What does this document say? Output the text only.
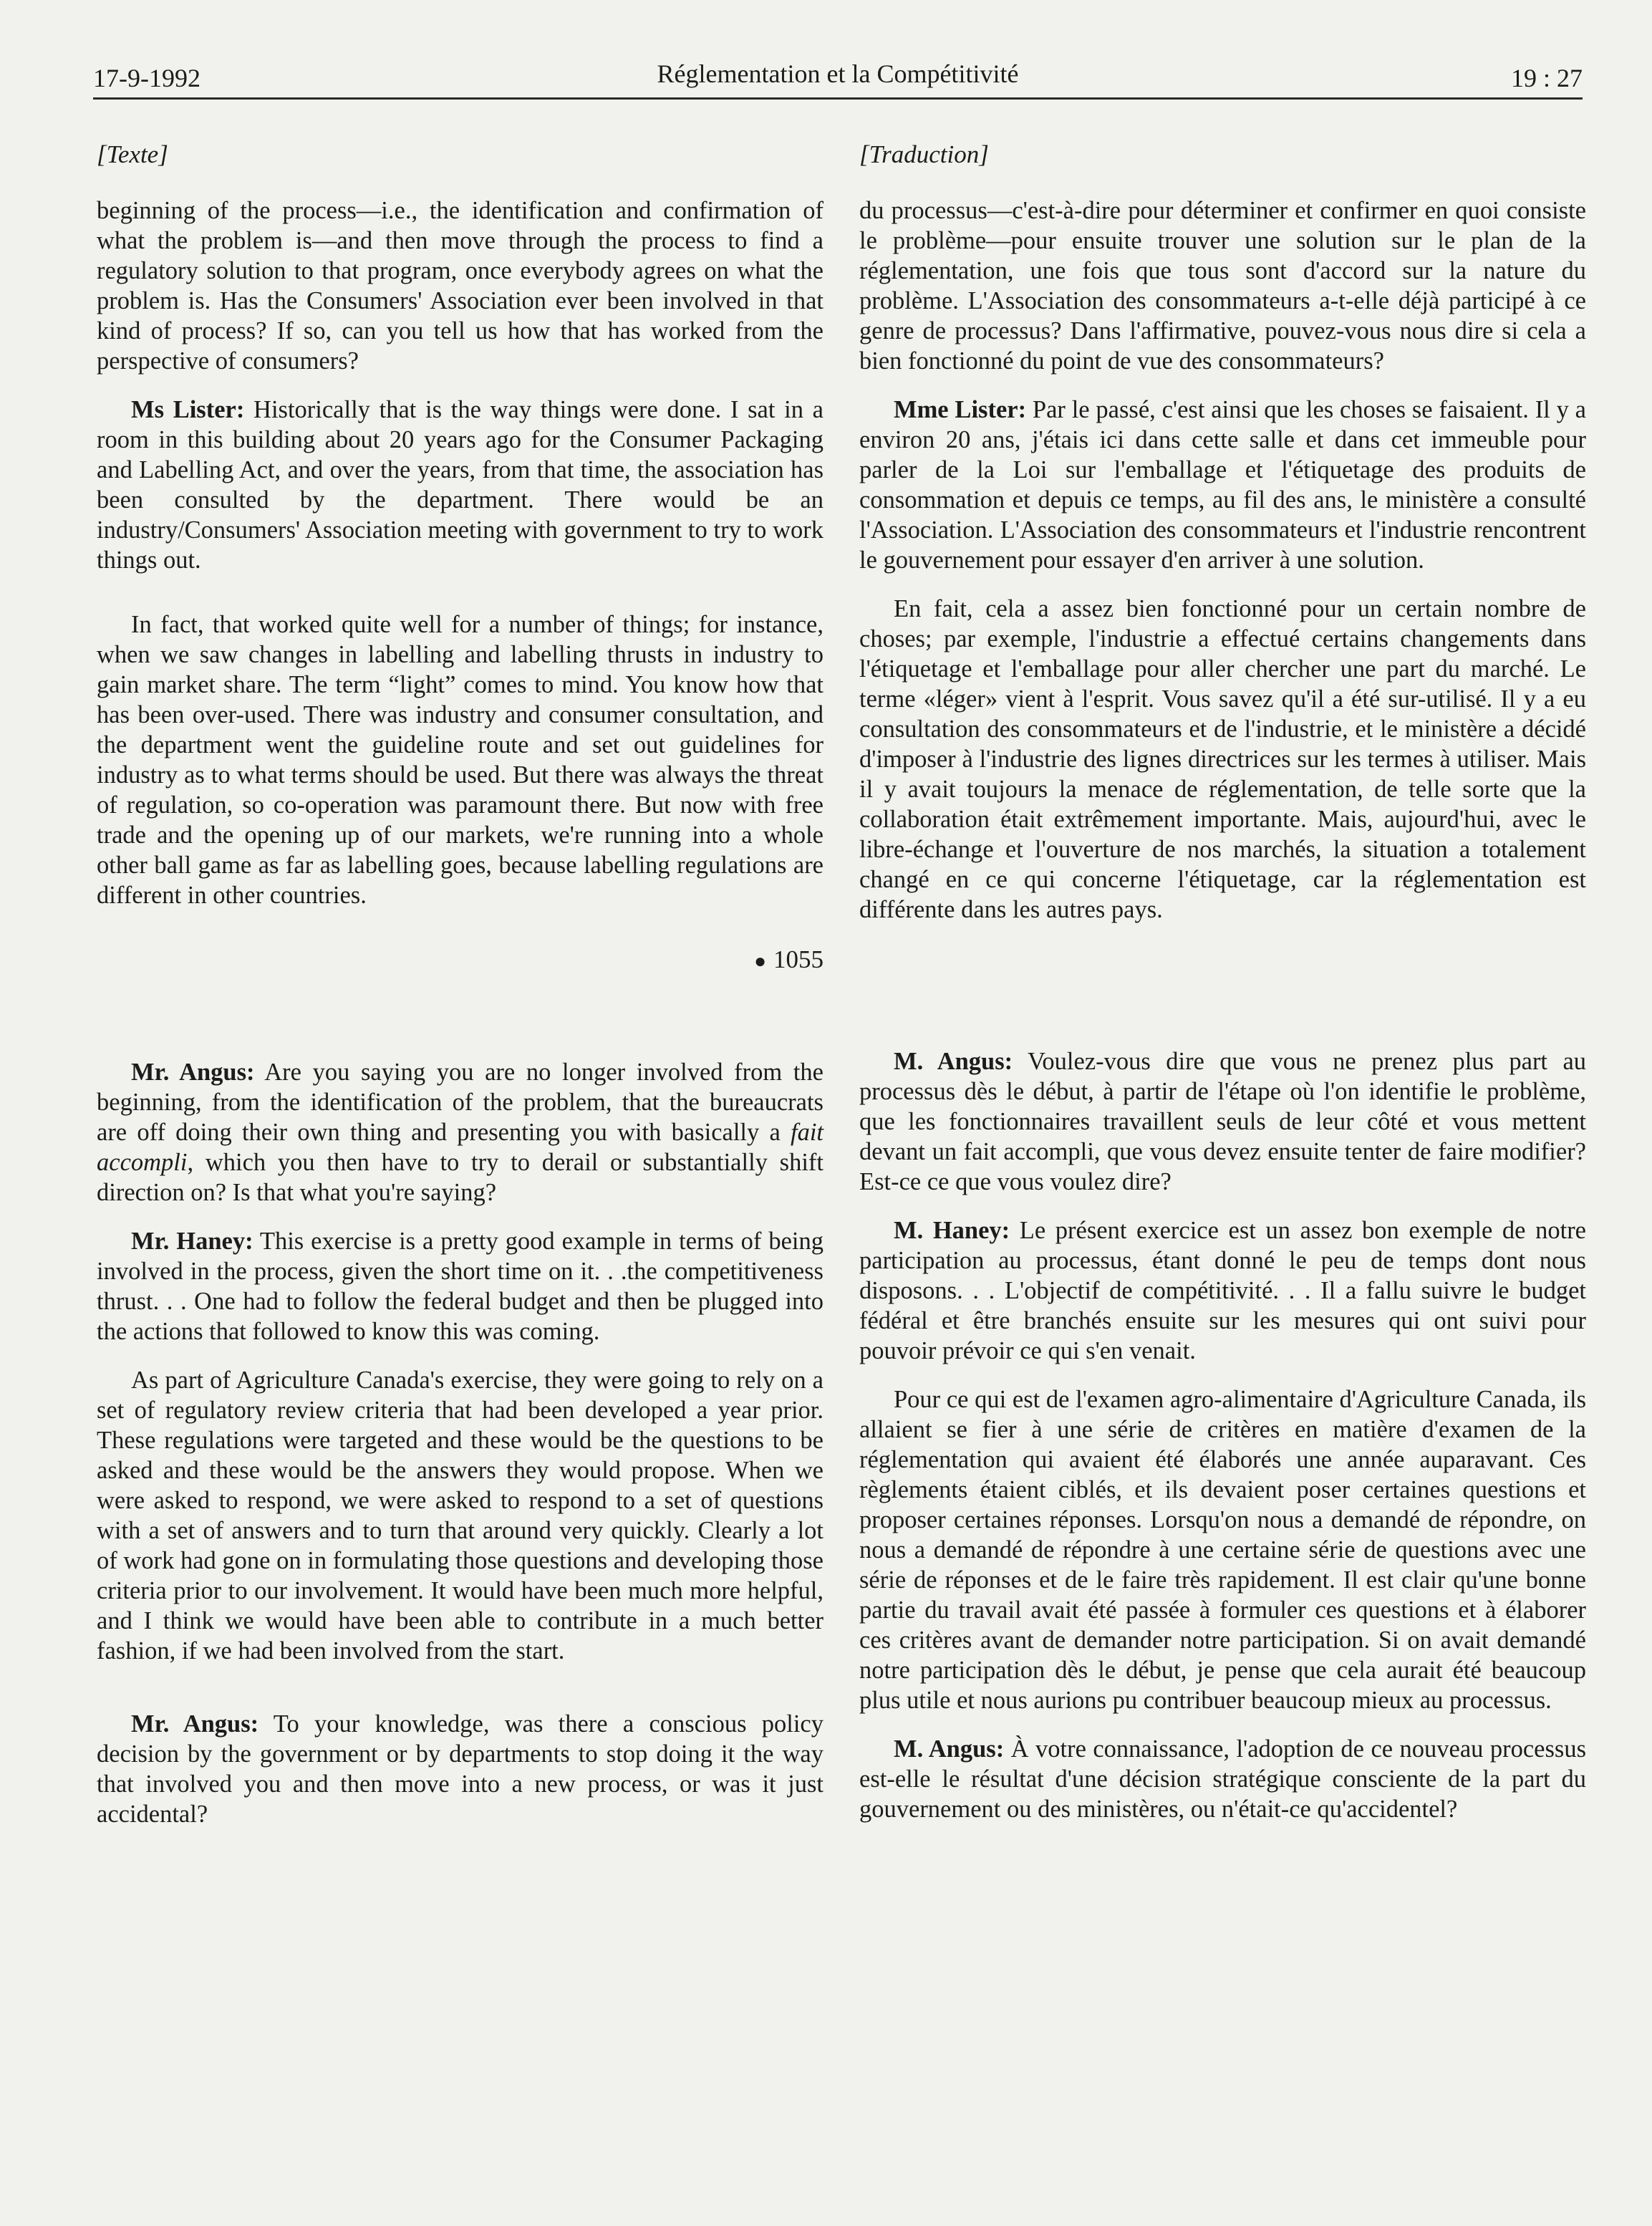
17-9-1992	Réglementation et la Compétitivité	19 : 27
[Texte]

beginning of the process—i.e., the identification and confirmation of what the problem is—and then move through the process to find a regulatory solution to that program, once everybody agrees on what the problem is. Has the Consumers' Association ever been involved in that kind of process? If so, can you tell us how that has worked from the perspective of consumers?

Ms Lister: Historically that is the way things were done. I sat in a room in this building about 20 years ago for the Consumer Packaging and Labelling Act, and over the years, from that time, the association has been consulted by the department. There would be an industry/Consumers' Association meeting with government to try to work things out.

In fact, that worked quite well for a number of things; for instance, when we saw changes in labelling and labelling thrusts in industry to gain market share. The term “light” comes to mind. You know how that has been over-used. There was industry and consumer consultation, and the department went the guideline route and set out guidelines for industry as to what terms should be used. But there was always the threat of regulation, so co-operation was paramount there. But now with free trade and the opening up of our markets, we're running into a whole other ball game as far as labelling goes, because labelling regulations are different in other countries.

● 1055

Mr. Angus: Are you saying you are no longer involved from the beginning, from the identification of the problem, that the bureaucrats are off doing their own thing and presenting you with basically a fait accompli, which you then have to try to derail or substantially shift direction on? Is that what you're saying?

Mr. Haney: This exercise is a pretty good example in terms of being involved in the process, given the short time on it. . .the competitiveness thrust. . . One had to follow the federal budget and then be plugged into the actions that followed to know this was coming.

As part of Agriculture Canada's exercise, they were going to rely on a set of regulatory review criteria that had been developed a year prior. These regulations were targeted and these would be the questions to be asked and these would be the answers they would propose. When we were asked to respond, we were asked to respond to a set of questions with a set of answers and to turn that around very quickly. Clearly a lot of work had gone on in formulating those questions and developing those criteria prior to our involvement. It would have been much more helpful, and I think we would have been able to contribute in a much better fashion, if we had been involved from the start.

Mr. Angus: To your knowledge, was there a conscious policy decision by the government or by departments to stop doing it the way that involved you and then move into a new process, or was it just accidental?

[Traduction]

du processus—c'est-à-dire pour déterminer et confirmer en quoi consiste le problème—pour ensuite trouver une solution sur le plan de la réglementation, une fois que tous sont d'accord sur la nature du problème. L'Association des consommateurs a-t-elle déjà participé à ce genre de processus? Dans l'affirmative, pouvez-vous nous dire si cela a bien fonctionné du point de vue des consommateurs?

Mme Lister: Par le passé, c'est ainsi que les choses se faisaient. Il y a environ 20 ans, j'étais ici dans cette salle et dans cet immeuble pour parler de la Loi sur l'emballage et l'étiquetage des produits de consommation et depuis ce temps, au fil des ans, le ministère a consulté l'Association. L'Association des consommateurs et l'industrie rencontrent le gouvernement pour essayer d'en arriver à une solution.

En fait, cela a assez bien fonctionné pour un certain nombre de choses; par exemple, l'industrie a effectué certains changements dans l'étiquetage et l'emballage pour aller chercher une part du marché. Le terme «léger» vient à l'esprit. Vous savez qu'il a été sur-utilisé. Il y a eu consultation des consommateurs et de l'industrie, et le ministère a décidé d'imposer à l'industrie des lignes directrices sur les termes à utiliser. Mais il y avait toujours la menace de réglementation, de telle sorte que la collaboration était extrêmement importante. Mais, aujourd'hui, avec le libre-échange et l'ouverture de nos marchés, la situation a totalement changé en ce qui concerne l'étiquetage, car la réglementation est différente dans les autres pays.

M. Angus: Voulez-vous dire que vous ne prenez plus part au processus dès le début, à partir de l'étape où l'on identifie le problème, que les fonctionnaires travaillent seuls de leur côté et vous mettent devant un fait accompli, que vous devez ensuite tenter de faire modifier? Est-ce ce que vous voulez dire?

M. Haney: Le présent exercice est un assez bon exemple de notre participation au processus, étant donné le peu de temps dont nous disposons. . . L'objectif de compétitivité. . . Il a fallu suivre le budget fédéral et être branchés ensuite sur les mesures qui ont suivi pour pouvoir prévoir ce qui s'en venait.

Pour ce qui est de l'examen agro-alimentaire d'Agriculture Canada, ils allaient se fier à une série de critères en matière d'examen de la réglementation qui avaient été élaborés une année auparavant. Ces règlements étaient ciblés, et ils devaient poser certaines questions et proposer certaines réponses. Lorsqu'on nous a demandé de répondre, on nous a demandé de répondre à une certaine série de questions avec une série de réponses et de le faire très rapidement. Il est clair qu'une bonne partie du travail avait été passée à formuler ces questions et à élaborer ces critères avant de demander notre participation. Si on avait demandé notre participation dès le début, je pense que cela aurait été beaucoup plus utile et nous aurions pu contribuer beaucoup mieux au processus.

M. Angus: À votre connaissance, l'adoption de ce nouveau processus est-elle le résultat d'une décision stratégique consciente de la part du gouvernement ou des ministères, ou n'était-ce qu'accidentel?
